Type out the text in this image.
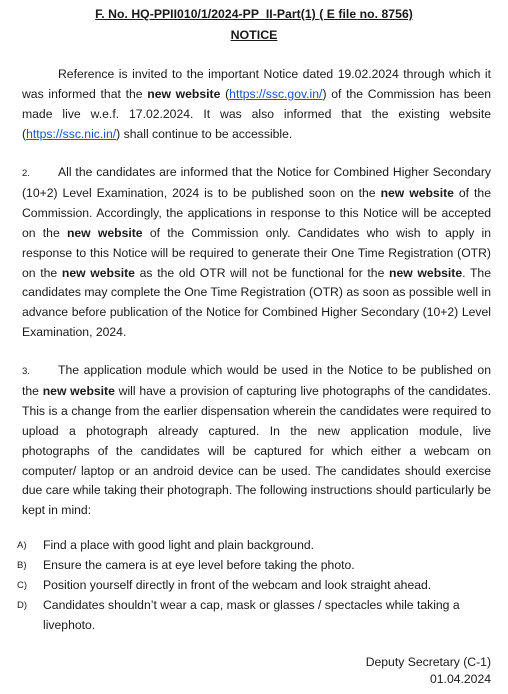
F. No. HQ-PPII010/1/2024-PP_II-Part(1) ( E file no. 8756)
NOTICE
Reference is invited to the important Notice dated 19.02.2024 through which it was informed that the new website (https://ssc.gov.in/) of the Commission has been made live w.e.f. 17.02.2024. It was also informed that the existing website (https://ssc.nic.in/) shall continue to be accessible.
2. All the candidates are informed that the Notice for Combined Higher Secondary (10+2) Level Examination, 2024 is to be published soon on the new website of the Commission. Accordingly, the applications in response to this Notice will be accepted on the new website of the Commission only. Candidates who wish to apply in response to this Notice will be required to generate their One Time Registration (OTR) on the new website as the old OTR will not be functional for the new website. The candidates may complete the One Time Registration (OTR) as soon as possible well in advance before publication of the Notice for Combined Higher Secondary (10+2) Level Examination, 2024.
3. The application module which would be used in the Notice to be published on the new website will have a provision of capturing live photographs of the candidates. This is a change from the earlier dispensation wherein the candidates were required to upload a photograph already captured. In the new application module, live photographs of the candidates will be captured for which either a webcam on computer/ laptop or an android device can be used. The candidates should exercise due care while taking their photograph. The following instructions should particularly be kept in mind:
A) Find a place with good light and plain background.
B) Ensure the camera is at eye level before taking the photo.
C) Position yourself directly in front of the webcam and look straight ahead.
D) Candidates shouldn’t wear a cap, mask or glasses / spectacles while taking a livephoto.
Deputy Secretary (C-1)
01.04.2024
